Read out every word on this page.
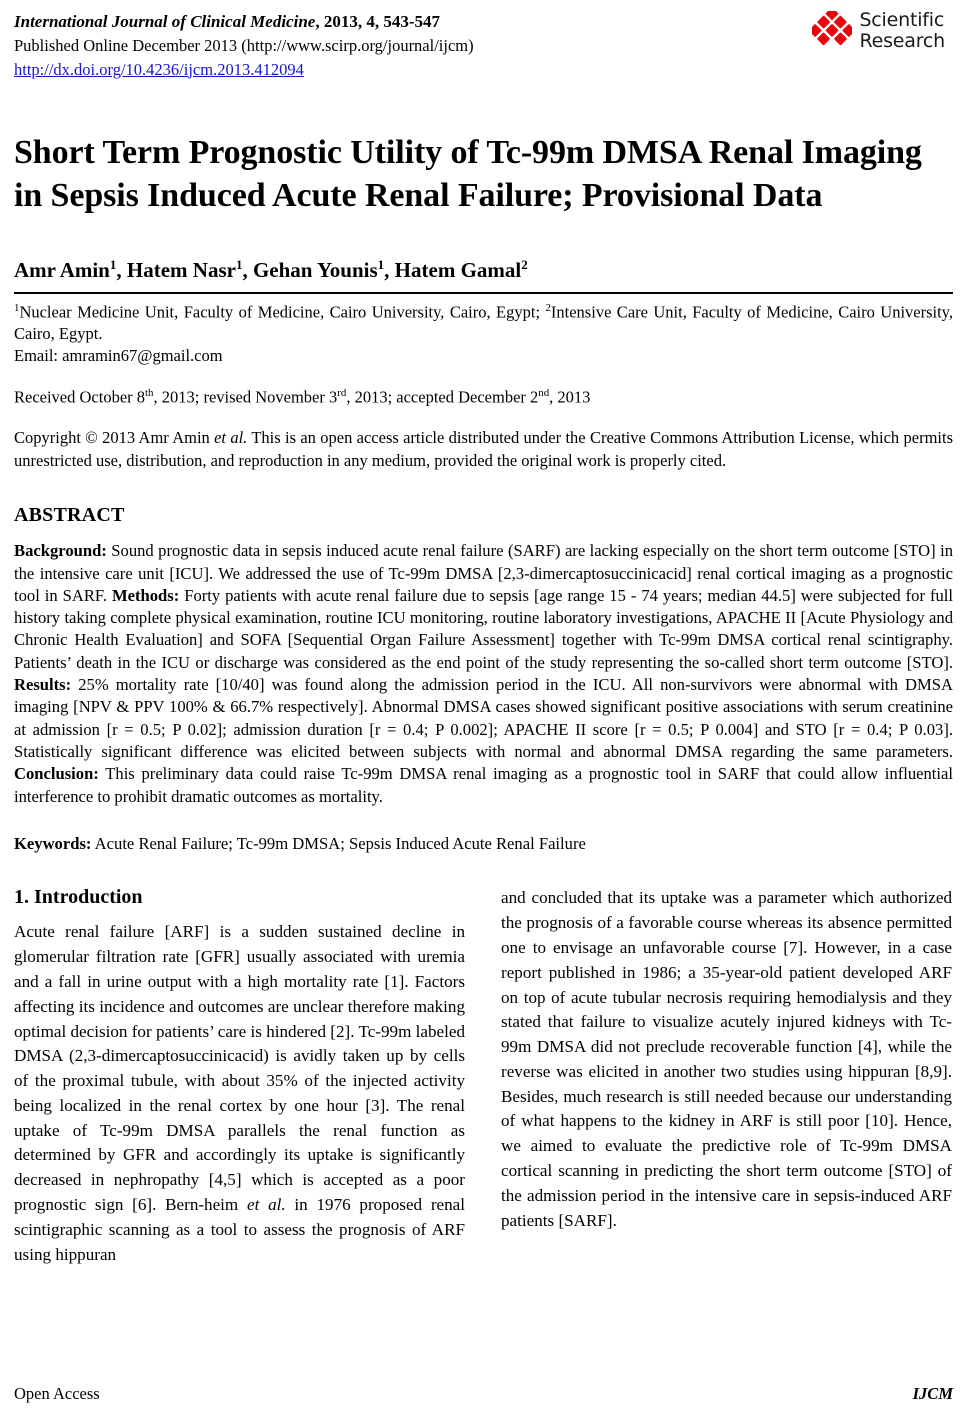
International Journal of Clinical Medicine, 2013, 4, 543-547
Published Online December 2013 (http://www.scirp.org/journal/ijcm)
http://dx.doi.org/10.4236/ijcm.2013.412094
Scientific
Research
Short Term Prognostic Utility of Tc-99m DMSA Renal Imaging in Sepsis Induced Acute Renal Failure; Provisional Data
Amr Amin$^1$, Hatem Nasr$^1$, Gehan Younis$^1$, Hatem Gamal$^2$
$^1$Nuclear Medicine Unit, Faculty of Medicine, Cairo University, Cairo, Egypt; $^2$Intensive Care Unit, Faculty of Medicine, Cairo University, Cairo, Egypt.
Email: amramin67@gmail.com
Received October 8th, 2013; revised November 3rd, 2013; accepted December 2nd, 2013
Copyright © 2013 Amr Amin et al. This is an open access article distributed under the Creative Commons Attribution License, which permits unrestricted use, distribution, and reproduction in any medium, provided the original work is properly cited.
ABSTRACT
Background: Sound prognostic data in sepsis induced acute renal failure (SARF) are lacking especially on the short term outcome [STO] in the intensive care unit [ICU]. We addressed the use of Tc-99m DMSA [2,3-dimercaptosuccinicacid] renal cortical imaging as a prognostic tool in SARF. Methods: Forty patients with acute renal failure due to sepsis [age range 15 - 74 years; median 44.5] were subjected for full history taking complete physical examination, routine ICU monitoring, routine laboratory investigations, APACHE II [Acute Physiology and Chronic Health Evaluation] and SOFA [Sequential Organ Failure Assessment] together with Tc-99m DMSA cortical renal scintigraphy. Patients’ death in the ICU or discharge was considered as the end point of the study representing the so-called short term outcome [STO]. Results: 25% mortality rate [10/40] was found along the admission period in the ICU. All non-survivors were abnormal with DMSA imaging [NPV & PPV 100% & 66.7% respectively]. Abnormal DMSA cases showed significant positive associations with serum creatinine at admission [r = 0.5; P 0.02]; admission duration [r = 0.4; P 0.002]; APACHE II score [r = 0.5; P 0.004] and STO [r = 0.4; P 0.03]. Statistically significant difference was elicited between subjects with normal and abnormal DMSA regarding the same parameters. Conclusion: This preliminary data could raise Tc-99m DMSA renal imaging as a prognostic tool in SARF that could allow influential interference to prohibit dramatic outcomes as mortality.
Keywords: Acute Renal Failure; Tc-99m DMSA; Sepsis Induced Acute Renal Failure
1. Introduction

Acute renal failure [ARF] is a sudden sustained decline in glomerular filtration rate [GFR] usually associated with uremia and a fall in urine output with a high mortality rate [1]. Factors affecting its incidence and outcomes are unclear therefore making optimal decision for patients’ care is hindered [2]. Tc-99m labeled DMSA (2,3-dimercaptosuccinicacid) is avidly taken up by cells of the proximal tubule, with about 35% of the injected activity being localized in the renal cortex by one hour [3]. The renal uptake of Tc-99m DMSA parallels the renal function as determined by GFR and accordingly its uptake is significantly decreased in nephropathy [4,5] which is accepted as a poor prognostic sign [6]. Bern-heim et al. in 1976 proposed renal scintigraphic scanning as a tool to assess the prognosis of ARF using hippuran

and concluded that its uptake was a parameter which authorized the prognosis of a favorable course whereas its absence permitted one to envisage an unfavorable course [7]. However, in a case report published in 1986; a 35-year-old patient developed ARF on top of acute tubular necrosis requiring hemodialysis and they stated that failure to visualize acutely injured kidneys with Tc-99m DMSA did not preclude recoverable function [4], while the reverse was elicited in another two studies using hippuran [8,9]. Besides, much research is still needed because our understanding of what happens to the kidney in ARF is still poor [10]. Hence, we aimed to evaluate the predictive role of Tc-99m DMSA cortical scanning in predicting the short term outcome [STO] of the admission period in the intensive care in sepsis-induced ARF patients [SARF].

Open Access	IJCM
